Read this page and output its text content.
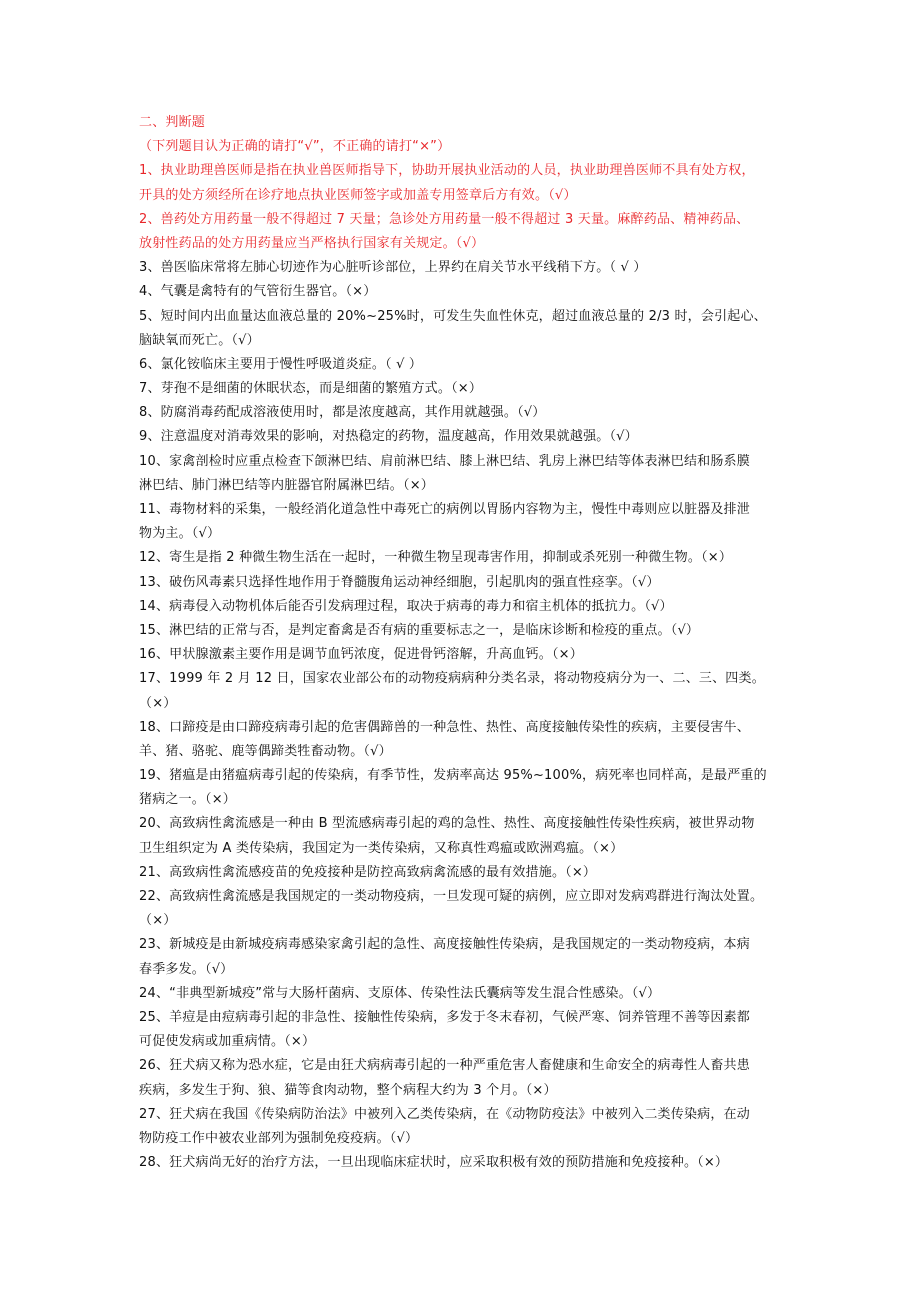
二、判断题
（下列题目认为正确的请打“√”，不正确的请打“×”）
1、执业助理兽医师是指在执业兽医师指导下，协助开展执业活动的人员，执业助理兽医师不具有处方权，
开具的处方须经所在诊疗地点执业医师签字或加盖专用签章后方有效。（√）
2、兽药处方用药量一般不得超过 7 天量；急诊处方用药量一般不得超过 3 天量。麻醉药品、精神药品、
放射性药品的处方用药量应当严格执行国家有关规定。（√）
3、兽医临床常将左肺心切迹作为心脏听诊部位，上界约在肩关节水平线稍下方。（ √ ）
4、气囊是禽特有的气管衍生器官。（×）
5、短时间内出血量达血液总量的 20%~25%时，可发生失血性休克，超过血液总量的 2/3 时，会引起心、
脑缺氧而死亡。（√）
6、氯化铵临床主要用于慢性呼吸道炎症。（ √ ）
7、芽孢不是细菌的休眠状态，而是细菌的繁殖方式。（×）
8、防腐消毒药配成溶液使用时，都是浓度越高，其作用就越强。（√）
9、注意温度对消毒效果的影响，对热稳定的药物，温度越高，作用效果就越强。（√）
10、家禽剖检时应重点检查下颌淋巴结、肩前淋巴结、膝上淋巴结、乳房上淋巴结等体表淋巴结和肠系膜
淋巴结、肺门淋巴结等内脏器官附属淋巴结。（×）
11、毒物材料的采集，一般经消化道急性中毒死亡的病例以胃肠内容物为主，慢性中毒则应以脏器及排泄
物为主。（√）
12、寄生是指 2 种微生物生活在一起时，一种微生物呈现毒害作用，抑制或杀死别一种微生物。（×）
13、破伤风毒素只选择性地作用于脊髓腹角运动神经细胞，引起肌肉的强直性痉挛。（√）
14、病毒侵入动物机体后能否引发病理过程，取决于病毒的毒力和宿主机体的抵抗力。（√）
15、淋巴结的正常与否，是判定畜禽是否有病的重要标志之一，是临床诊断和检疫的重点。（√）
16、甲状腺激素主要作用是调节血钙浓度，促进骨钙溶解，升高血钙。（×）
17、1999 年 2 月 12 日，国家农业部公布的动物疫病病种分类名录，将动物疫病分为一、二、三、四类。
（×）
18、口蹄疫是由口蹄疫病毒引起的危害偶蹄兽的一种急性、热性、高度接触传染性的疾病，主要侵害牛、
羊、猪、骆驼、鹿等偶蹄类牲畜动物。（√）
19、猪瘟是由猪瘟病毒引起的传染病，有季节性，发病率高达 95%~100%，病死率也同样高，是最严重的
猪病之一。（×）
20、高致病性禽流感是一种由 B 型流感病毒引起的鸡的急性、热性、高度接触性传染性疾病，被世界动物
卫生组织定为 A 类传染病，我国定为一类传染病，又称真性鸡瘟或欧洲鸡瘟。（×）
21、高致病性禽流感疫苗的免疫接种是防控高致病禽流感的最有效措施。（×）
22、高致病性禽流感是我国规定的一类动物疫病，一旦发现可疑的病例，应立即对发病鸡群进行淘汰处置。
（×）
23、新城疫是由新城疫病毒感染家禽引起的急性、高度接触性传染病，是我国规定的一类动物疫病，本病
春季多发。（√）
24、“非典型新城疫”常与大肠杆菌病、支原体、传染性法氏囊病等发生混合性感染。（√）
25、羊痘是由痘病毒引起的非急性、接触性传染病，多发于冬末春初，气候严寒、饲养管理不善等因素都
可促使发病或加重病情。（×）
26、狂犬病又称为恐水症，它是由狂犬病病毒引起的一种严重危害人畜健康和生命安全的病毒性人畜共患
疾病，多发生于狗、狼、猫等食肉动物，整个病程大约为 3 个月。（×）
27、狂犬病在我国《传染病防治法》中被列入乙类传染病，在《动物防疫法》中被列入二类传染病，在动
物防疫工作中被农业部列为强制免疫疫病。（√）
28、狂犬病尚无好的治疗方法，一旦出现临床症状时，应采取积极有效的预防措施和免疫接种。（×）
